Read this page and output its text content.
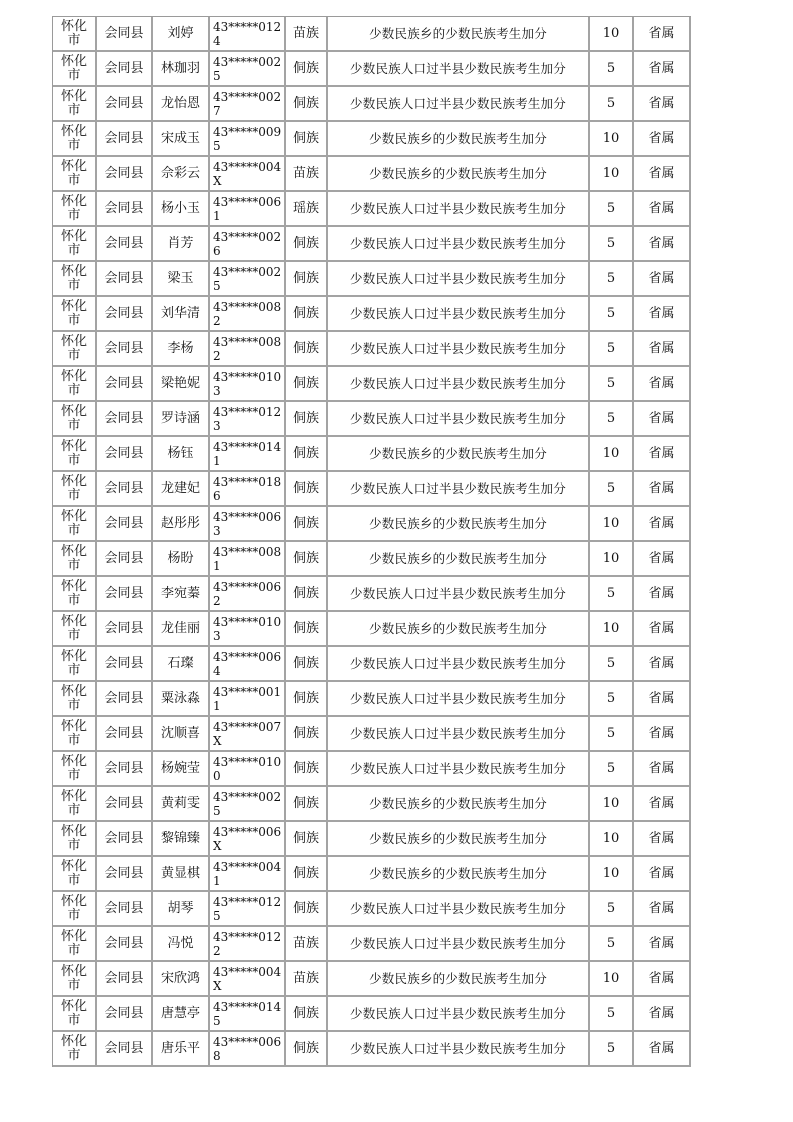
怀化市	会同县	刘婷	43*****0124	苗族	少数民族乡的少数民族考生加分	10	省属

怀化市	会同县	林珈羽	43*****0025	侗族	少数民族人口过半县少数民族考生加分	5	省属

怀化市	会同县	龙怡恩	43*****0027	侗族	少数民族人口过半县少数民族考生加分	5	省属

怀化市	会同县	宋成玉	43*****0095	侗族	少数民族乡的少数民族考生加分	10	省属

怀化市	会同县	佘彩云	43*****004X	苗族	少数民族乡的少数民族考生加分	10	省属

怀化市	会同县	杨小玉	43*****0061	瑶族	少数民族人口过半县少数民族考生加分	5	省属

怀化市	会同县	肖芳	43*****0026	侗族	少数民族人口过半县少数民族考生加分	5	省属

怀化市	会同县	梁玉	43*****0025	侗族	少数民族人口过半县少数民族考生加分	5	省属

怀化市	会同县	刘华清	43*****0082	侗族	少数民族人口过半县少数民族考生加分	5	省属

怀化市	会同县	李杨	43*****0082	侗族	少数民族人口过半县少数民族考生加分	5	省属

怀化市	会同县	梁艳妮	43*****0103	侗族	少数民族人口过半县少数民族考生加分	5	省属

怀化市	会同县	罗诗涵	43*****0123	侗族	少数民族人口过半县少数民族考生加分	5	省属

怀化市	会同县	杨钰	43*****0141	侗族	少数民族乡的少数民族考生加分	10	省属

怀化市	会同县	龙建妃	43*****0186	侗族	少数民族人口过半县少数民族考生加分	5	省属

怀化市	会同县	赵彤彤	43*****0063	侗族	少数民族乡的少数民族考生加分	10	省属

怀化市	会同县	杨盼	43*****0081	侗族	少数民族乡的少数民族考生加分	10	省属

怀化市	会同县	李宛蓁	43*****0062	侗族	少数民族人口过半县少数民族考生加分	5	省属

怀化市	会同县	龙佳丽	43*****0103	侗族	少数民族乡的少数民族考生加分	10	省属

怀化市	会同县	石璨	43*****0064	侗族	少数民族人口过半县少数民族考生加分	5	省属

怀化市	会同县	粟泳淼	43*****0011	侗族	少数民族人口过半县少数民族考生加分	5	省属

怀化市	会同县	沈顺喜	43*****007X	侗族	少数民族人口过半县少数民族考生加分	5	省属

怀化市	会同县	杨婉莹	43*****0100	侗族	少数民族人口过半县少数民族考生加分	5	省属

怀化市	会同县	黄莉雯	43*****0025	侗族	少数民族乡的少数民族考生加分	10	省属

怀化市	会同县	黎锦臻	43*****006X	侗族	少数民族乡的少数民族考生加分	10	省属

怀化市	会同县	黄显棋	43*****0041	侗族	少数民族乡的少数民族考生加分	10	省属

怀化市	会同县	胡琴	43*****0125	侗族	少数民族人口过半县少数民族考生加分	5	省属

怀化市	会同县	冯悦	43*****0122	苗族	少数民族人口过半县少数民族考生加分	5	省属

怀化市	会同县	宋欣鸿	43*****004X	苗族	少数民族乡的少数民族考生加分	10	省属

怀化市	会同县	唐慧亭	43*****0145	侗族	少数民族人口过半县少数民族考生加分	5	省属

怀化市	会同县	唐乐平	43*****0068	侗族	少数民族人口过半县少数民族考生加分	5	省属
